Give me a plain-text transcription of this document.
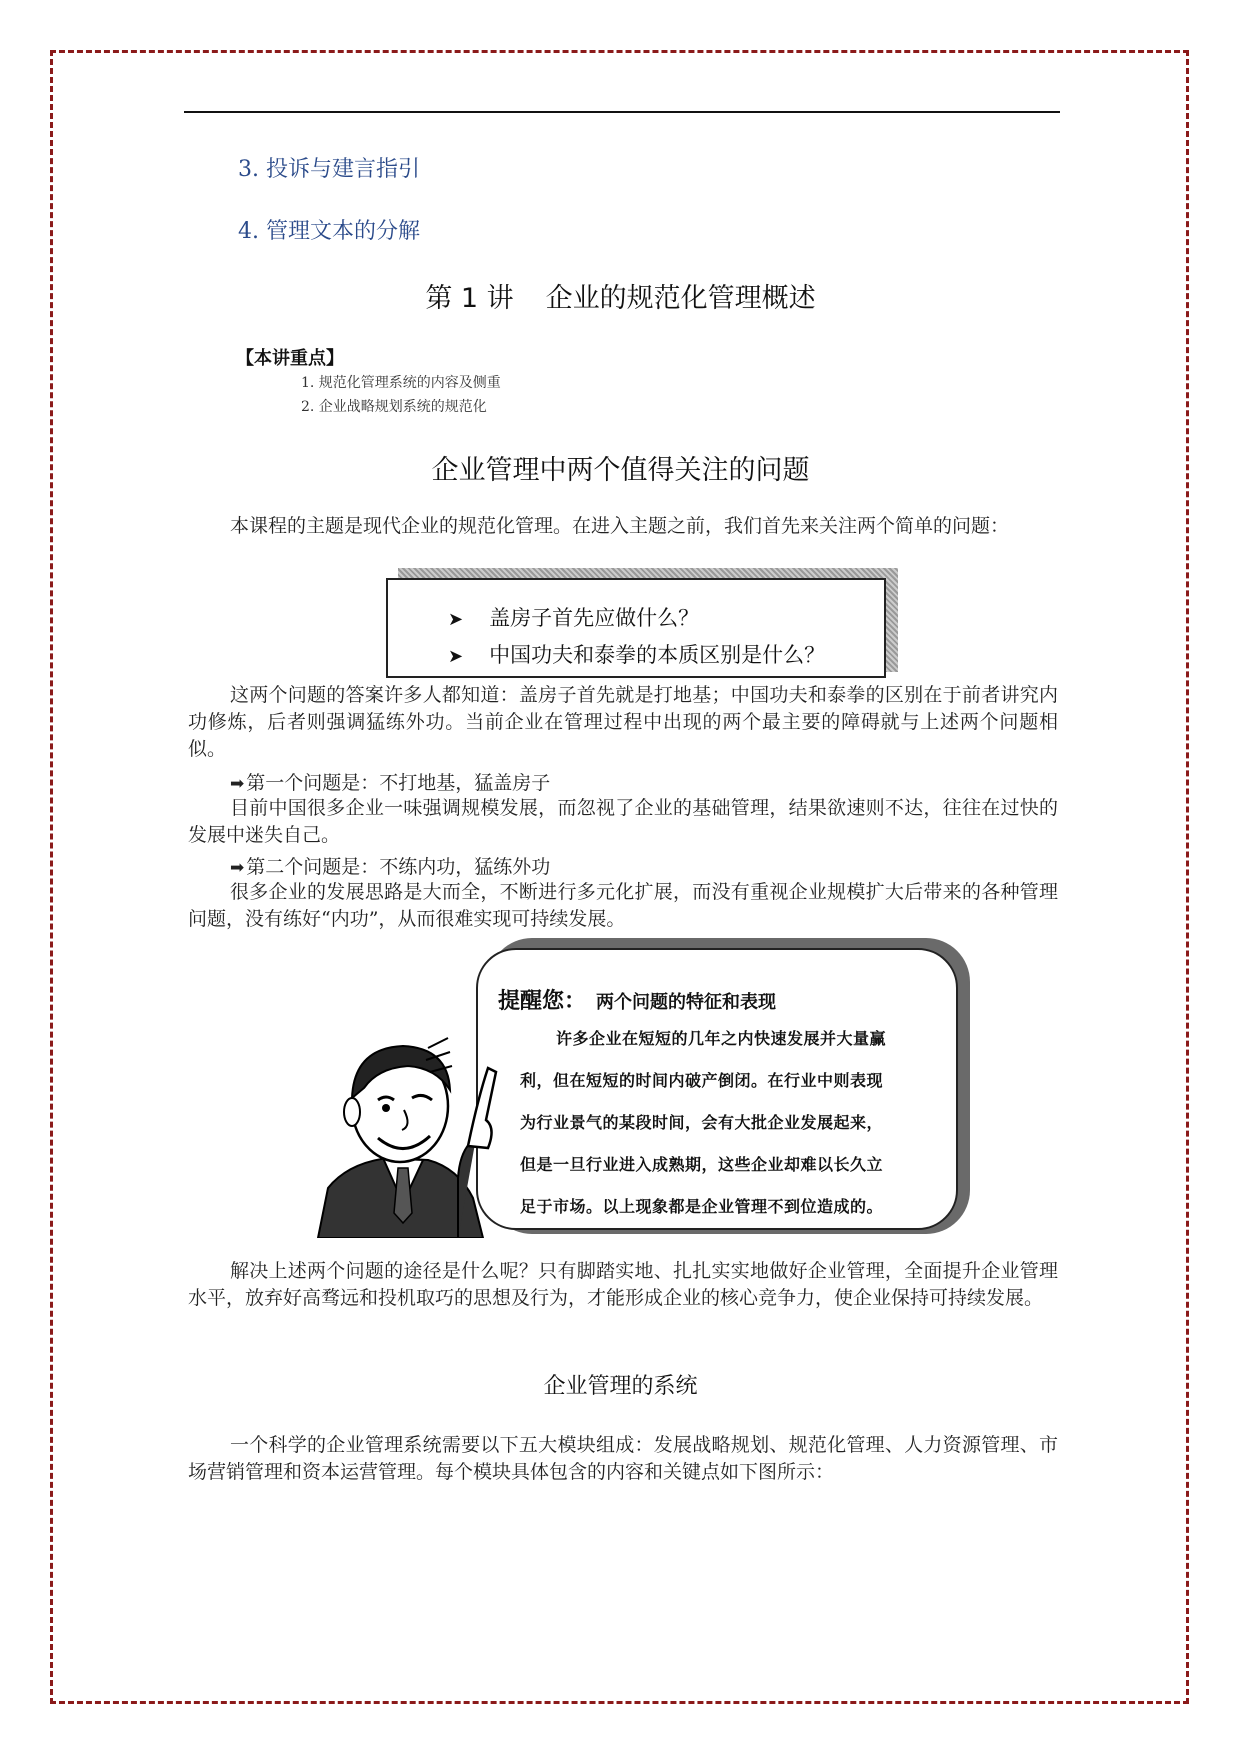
3. 投诉与建言指引
4. 管理文本的分解
第 1 讲 企业的规范化管理概述
【本讲重点】
1. 规范化管理系统的内容及侧重
2. 企业战略规划系统的规范化
企业管理中两个值得关注的问题
本课程的主题是现代企业的规范化管理。在进入主题之前，我们首先来关注两个简单的问题：
➤ 盖房子首先应做什么？
➤ 中国功夫和泰拳的本质区别是什么？
这两个问题的答案许多人都知道：盖房子首先就是打地基；中国功夫和泰拳的区别在于前者讲究内功修炼，后者则强调猛练外功。当前企业在管理过程中出现的两个最主要的障碍就与上述两个问题相似。
➡ 第一个问题是：不打地基，猛盖房子
目前中国很多企业一味强调规模发展，而忽视了企业的基础管理，结果欲速则不达，往往在过快的发展中迷失自己。
➡ 第二个问题是：不练内功，猛练外功
很多企业的发展思路是大而全，不断进行多元化扩展，而没有重视企业规模扩大后带来的各种管理问题，没有练好“内功”，从而很难实现可持续发展。
提醒您： 两个问题的特征和表现
许多企业在短短的几年之内快速发展并大量赢
利，但在短短的时间内破产倒闭。在行业中则表现
为行业景气的某段时间，会有大批企业发展起来，
但是一旦行业进入成熟期，这些企业却难以长久立
足于市场。以上现象都是企业管理不到位造成的。
解决上述两个问题的途径是什么呢？只有脚踏实地、扎扎实实地做好企业管理，全面提升企业管理水平，放弃好高骛远和投机取巧的思想及行为，才能形成企业的核心竞争力，使企业保持可持续发展。
企业管理的系统
一个科学的企业管理系统需要以下五大模块组成：发展战略规划、规范化管理、人力资源管理、市场营销管理和资本运营管理。每个模块具体包含的内容和关键点如下图所示：
